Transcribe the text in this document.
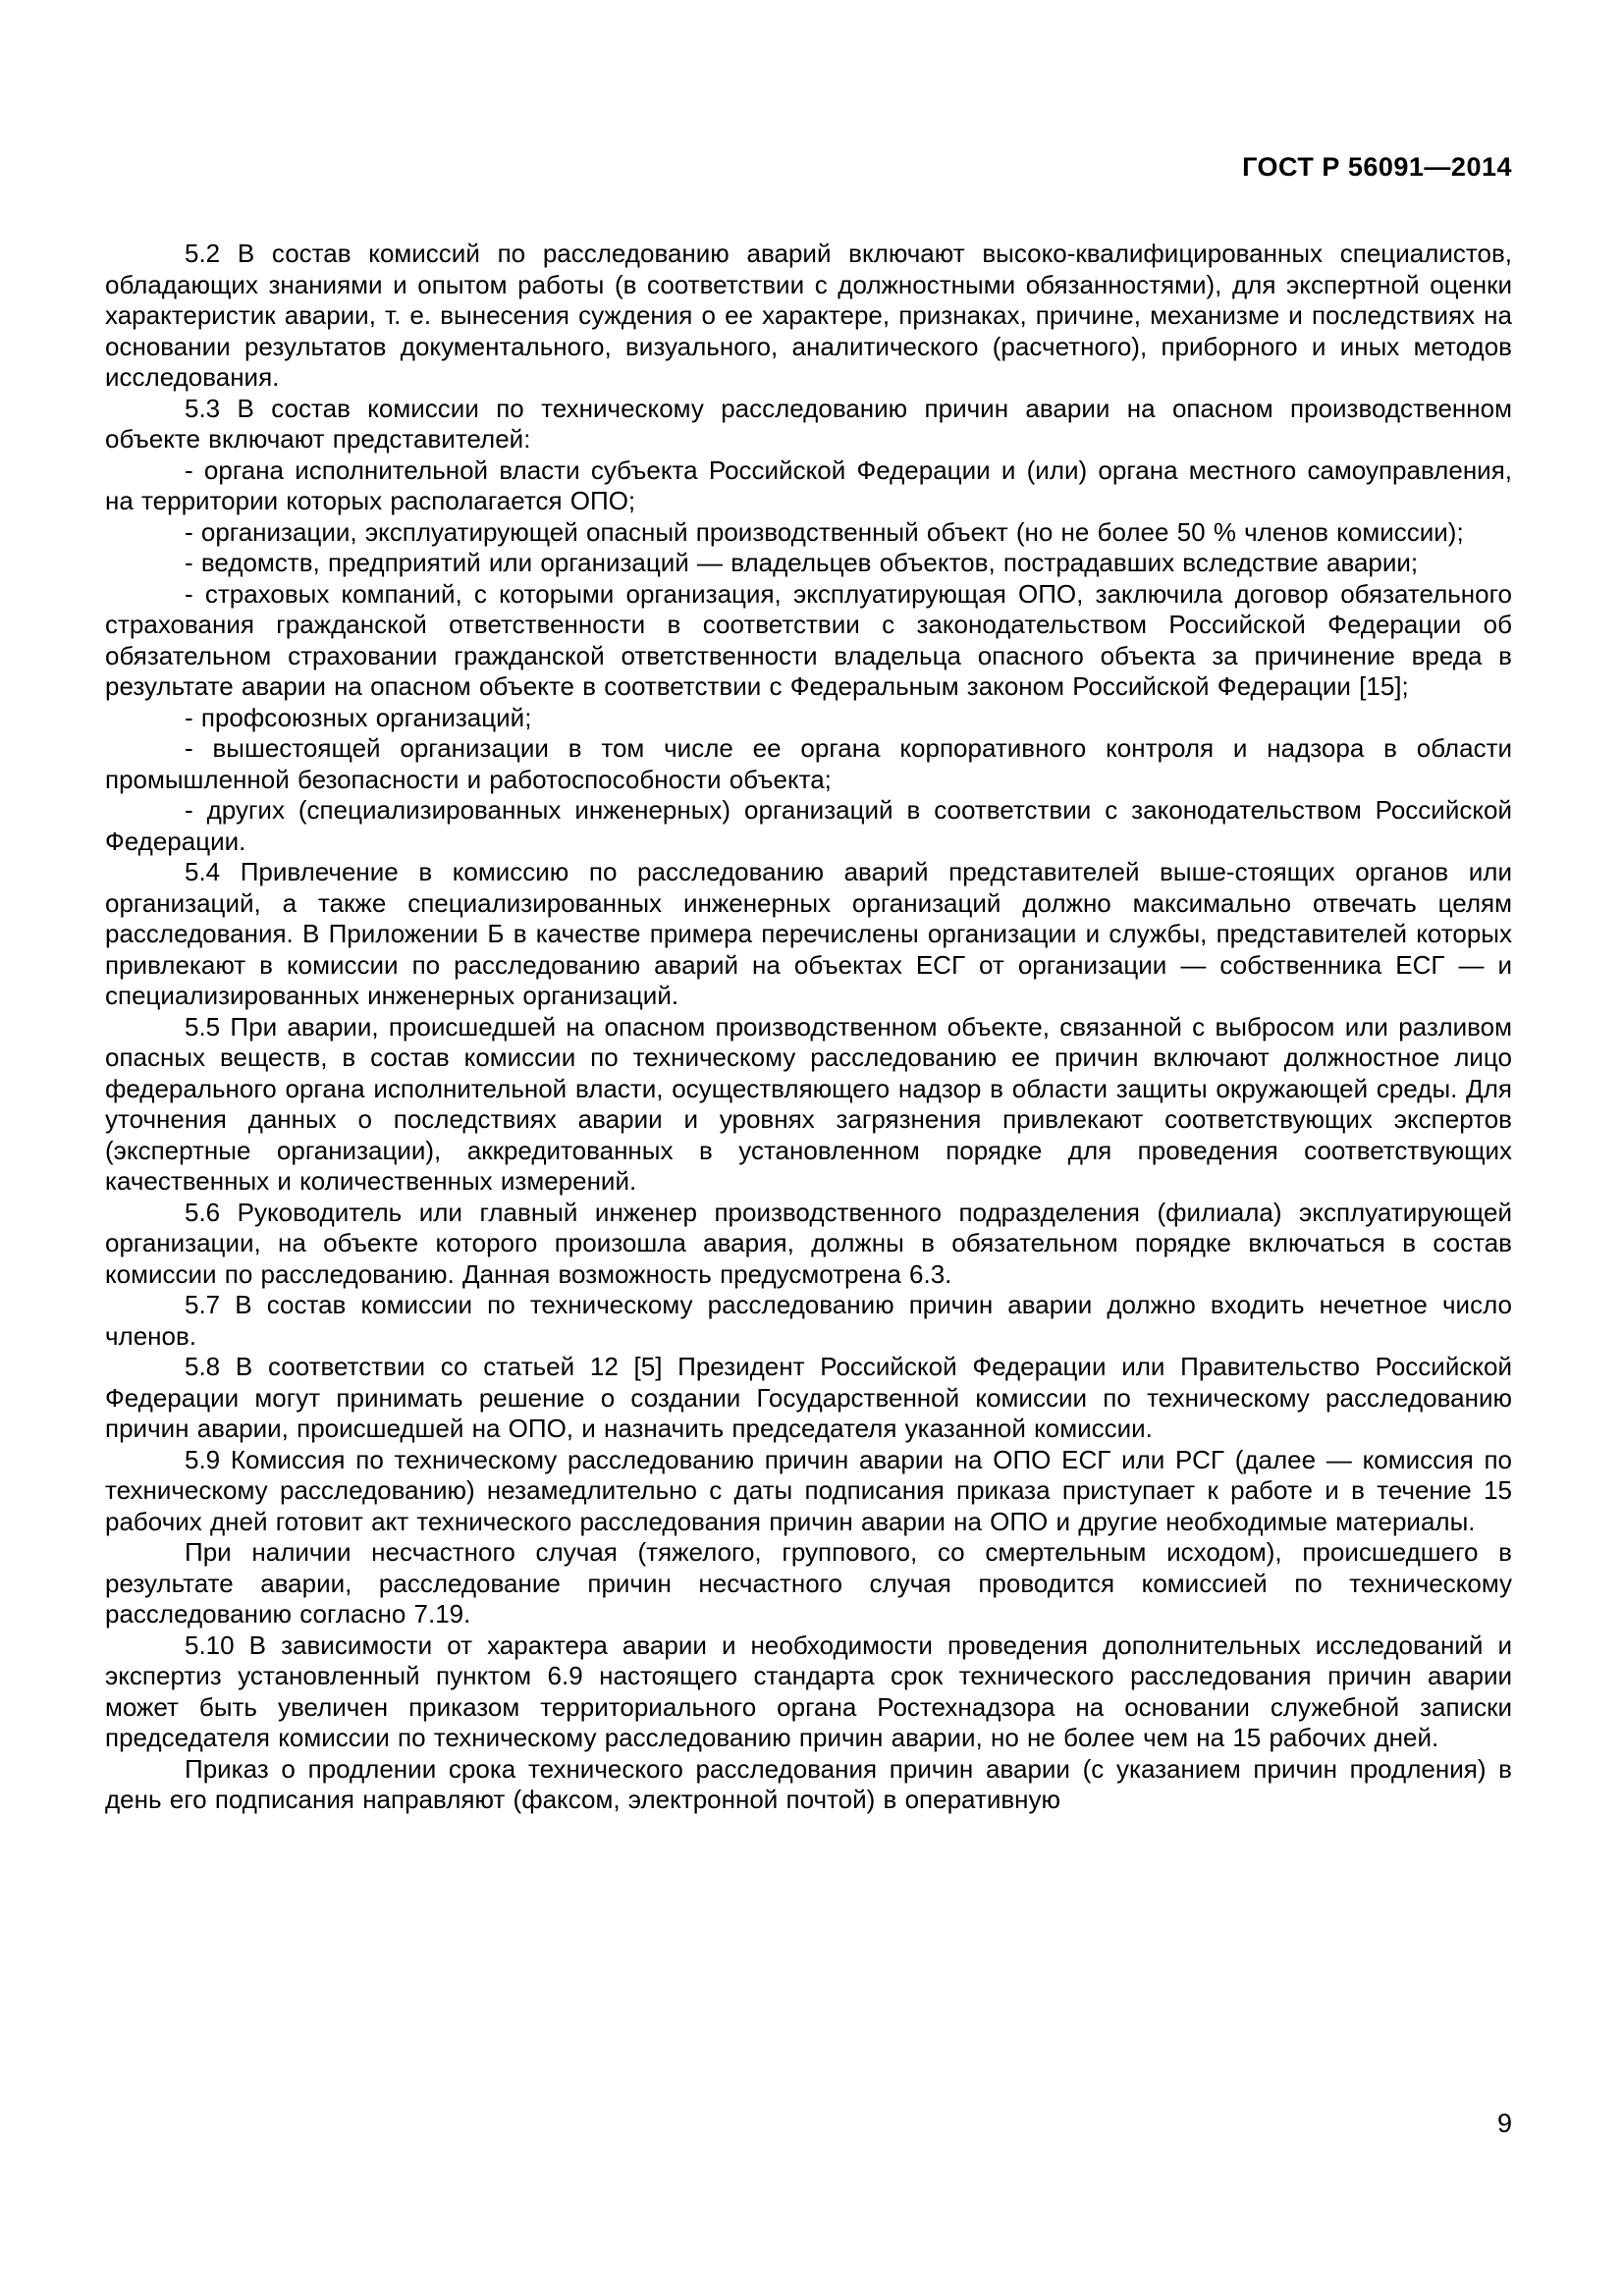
ГОСТ Р 56091—2014

5.2 В состав комиссий по расследованию аварий включают высоко-квалифицированных специалистов, обладающих знаниями и опытом работы (в соответствии с должностными обязанностями), для экспертной оценки характеристик аварии, т. е. вынесения суждения о ее характере, признаках, причине, механизме и последствиях на основании результатов документального, визуального, аналитического (расчетного), приборного и иных методов исследования.

5.3 В состав комиссии по техническому расследованию причин аварии на опасном производственном объекте включают представителей:

- органа исполнительной власти субъекта Российской Федерации и (или) органа местного самоуправления, на территории которых располагается ОПО;

- организации, эксплуатирующей опасный производственный объект (но не более 50 % членов комиссии);

- ведомств, предприятий или организаций — владельцев объектов, пострадавших вследствие аварии;

- страховых компаний, с которыми организация, эксплуатирующая ОПО, заключила договор обязательного страхования гражданской ответственности в соответствии с законодательством Российской Федерации об обязательном страховании гражданской ответственности владельца опасного объекта за причинение вреда в результате аварии на опасном объекте в соответствии с Федеральным законом Российской Федерации [15];

- профсоюзных организаций;

- вышестоящей организации в том числе ее органа корпоративного контроля и надзора в области промышленной безопасности и работоспособности объекта;

- других (специализированных инженерных) организаций в соответствии с законодательством Российской Федерации.

5.4 Привлечение в комиссию по расследованию аварий представителей выше-стоящих органов или организаций, а также специализированных инженерных организаций должно максимально отвечать целям расследования. В Приложении Б в качестве примера перечислены организации и службы, представителей которых привлекают в комиссии по расследованию аварий на объектах ЕСГ от организации — собственника ЕСГ — и специализированных инженерных организаций.

5.5 При аварии, происшедшей на опасном производственном объекте, связанной с выбросом или разливом опасных веществ, в состав комиссии по техническому расследованию ее причин включают должностное лицо федерального органа исполнительной власти, осуществляющего надзор в области защиты окружающей среды. Для уточнения данных о последствиях аварии и уровнях загрязнения привлекают соответствующих экспертов (экспертные организации), аккредитованных в установленном порядке для проведения соответствующих качественных и количественных измерений.

5.6 Руководитель или главный инженер производственного подразделения (филиала) эксплуатирующей организации, на объекте которого произошла авария, должны в обязательном порядке включаться в состав комиссии по расследованию. Данная возможность предусмотрена 6.3.

5.7 В состав комиссии по техническому расследованию причин аварии должно входить нечетное число членов.

5.8 В соответствии со статьей 12 [5] Президент Российской Федерации или Правительство Российской Федерации могут принимать решение о создании Государственной комиссии по техническому расследованию причин аварии, происшедшей на ОПО, и назначить председателя указанной комиссии.

5.9 Комиссия по техническому расследованию причин аварии на ОПО ЕСГ или РСГ (далее — комиссия по техническому расследованию) незамедлительно с даты подписания приказа приступает к работе и в течение 15 рабочих дней готовит акт технического расследования причин аварии на ОПО и другие необходимые материалы.

При наличии несчастного случая (тяжелого, группового, со смертельным исходом), происшедшего в результате аварии, расследование причин несчастного случая проводится комиссией по техническому расследованию согласно 7.19.

5.10 В зависимости от характера аварии и необходимости проведения дополнительных исследований и экспертиз установленный пунктом 6.9 настоящего стандарта срок технического расследования причин аварии может быть увеличен приказом территориального органа Ростехнадзора на основании служебной записки председателя комиссии по техническому расследованию причин аварии, но не более чем на 15 рабочих дней.

Приказ о продлении срока технического расследования причин аварии (с указанием причин продления) в день его подписания направляют (факсом, электронной почтой) в оперативную

9
